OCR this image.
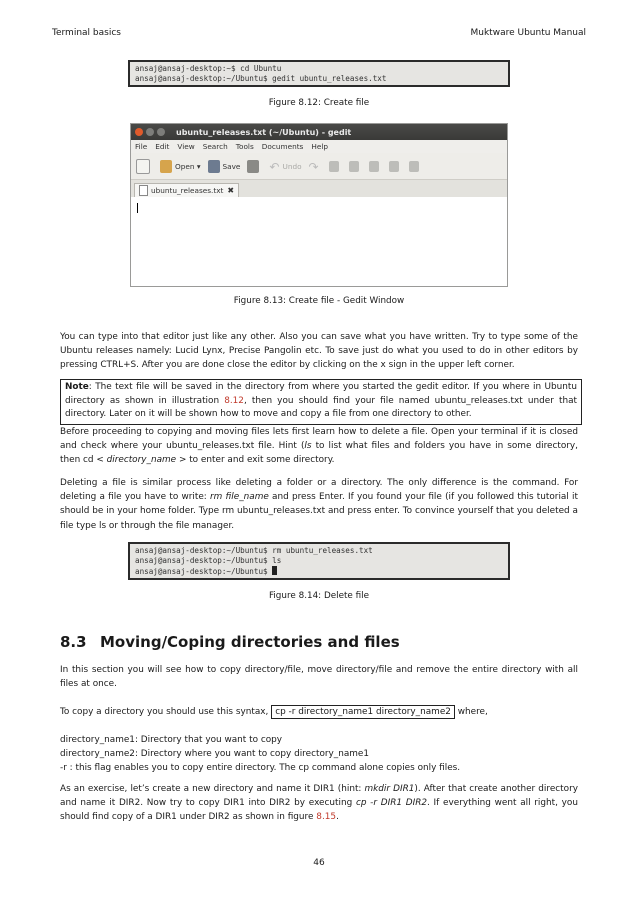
Terminal basics	Muktware Ubuntu Manual
ansaj@ansaj-desktop:~$ cd Ubuntu
ansaj@ansaj-desktop:~/Ubuntu$ gedit ubuntu_releases.txt
Figure 8.12: Create file
ubuntu_releases.txt (~/Ubuntu) - gedit
File Edit View Search Tools Documents Help
Open
▾	Save ↶ Undo ↷
ubuntu_releases.txt ✖
Figure 8.13: Create file - Gedit Window
You can type into that editor just like any other. Also you can save what you have written. Try to type some of the Ubuntu releases namely: Lucid Lynx, Precise Pangolin etc. To save just do what you used to do in other editors by pressing CTRL+S. After you are done close the editor by clicking on the x sign in the upper left corner.
Note: The text file will be saved in the directory from where you started the gedit editor. If you where in Ubuntu directory as shown in illustration 8.12, then you should find your file named ubuntu_releases.txt under that directory. Later on it will be shown how to move and copy a file from one directory to other.
Before proceeding to copying and moving files lets first learn how to delete a file. Open your terminal if it is closed and check where your ubuntu_releases.txt file. Hint (ls to list what files and folders you have in some directory, then cd < directory_name > to enter and exit some directory.
Deleting a file is similar process like deleting a folder or a directory. The only difference is the command. For deleting a file you have to write: rm file_name and press Enter. If you found your file (if you followed this tutorial it should be in your home folder. Type rm ubuntu_releases.txt and press enter. To convince yourself that you deleted a file type ls or through the file manager.
ansaj@ansaj-desktop:~/Ubuntu$ rm ubuntu_releases.txt
ansaj@ansaj-desktop:~/Ubuntu$ ls
ansaj@ansaj-desktop:~/Ubuntu$
Figure 8.14: Delete file
8.3 Moving/Coping directories and files
In this section you will see how to copy directory/file, move directory/file and remove the entire directory with all files at once.
To copy a directory you should use this syntax, cp -r directory_name1 directory_name2 where,
directory_name1: Directory that you want to copy
directory_name2: Directory where you want to copy directory_name1
-r : this flag enables you to copy entire directory. The cp command alone copies only files.
As an exercise, let’s create a new directory and name it DIR1 (hint: mkdir DIR1). After that create another directory and name it DIR2. Now try to copy DIR1 into DIR2 by executing cp -r DIR1 DIR2. If everything went all right, you should find copy of a DIR1 under DIR2 as shown in figure 8.15.
46
